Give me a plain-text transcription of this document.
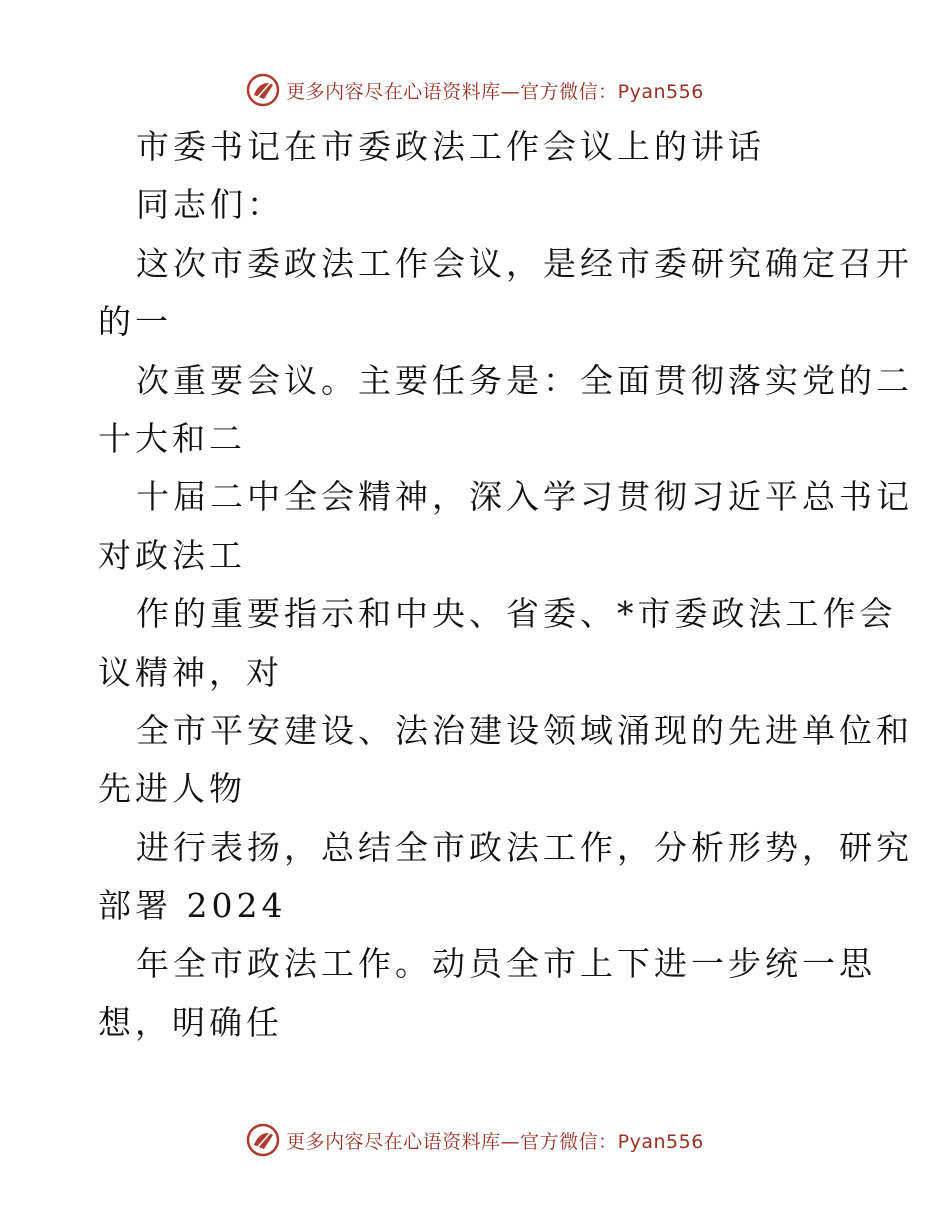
更多内容尽在心语资料库—官方微信：Pyan556
市委书记在市委政法工作会议上的讲话
同志们：
这次市委政法工作会议，是经市委研究确定召开
的一
次重要会议。主要任务是：全面贯彻落实党的二
十大和二
十届二中全会精神，深入学习贯彻习近平总书记
对政法工
作的重要指示和中央、省委、*市委政法工作会
议精神，对
全市平安建设、法治建设领域涌现的先进单位和
先进人物
进行表扬，总结全市政法工作，分析形势，研究
部署 2024
年全市政法工作。动员全市上下进一步统一思
想，明确任
更多内容尽在心语资料库—官方微信：Pyan556
